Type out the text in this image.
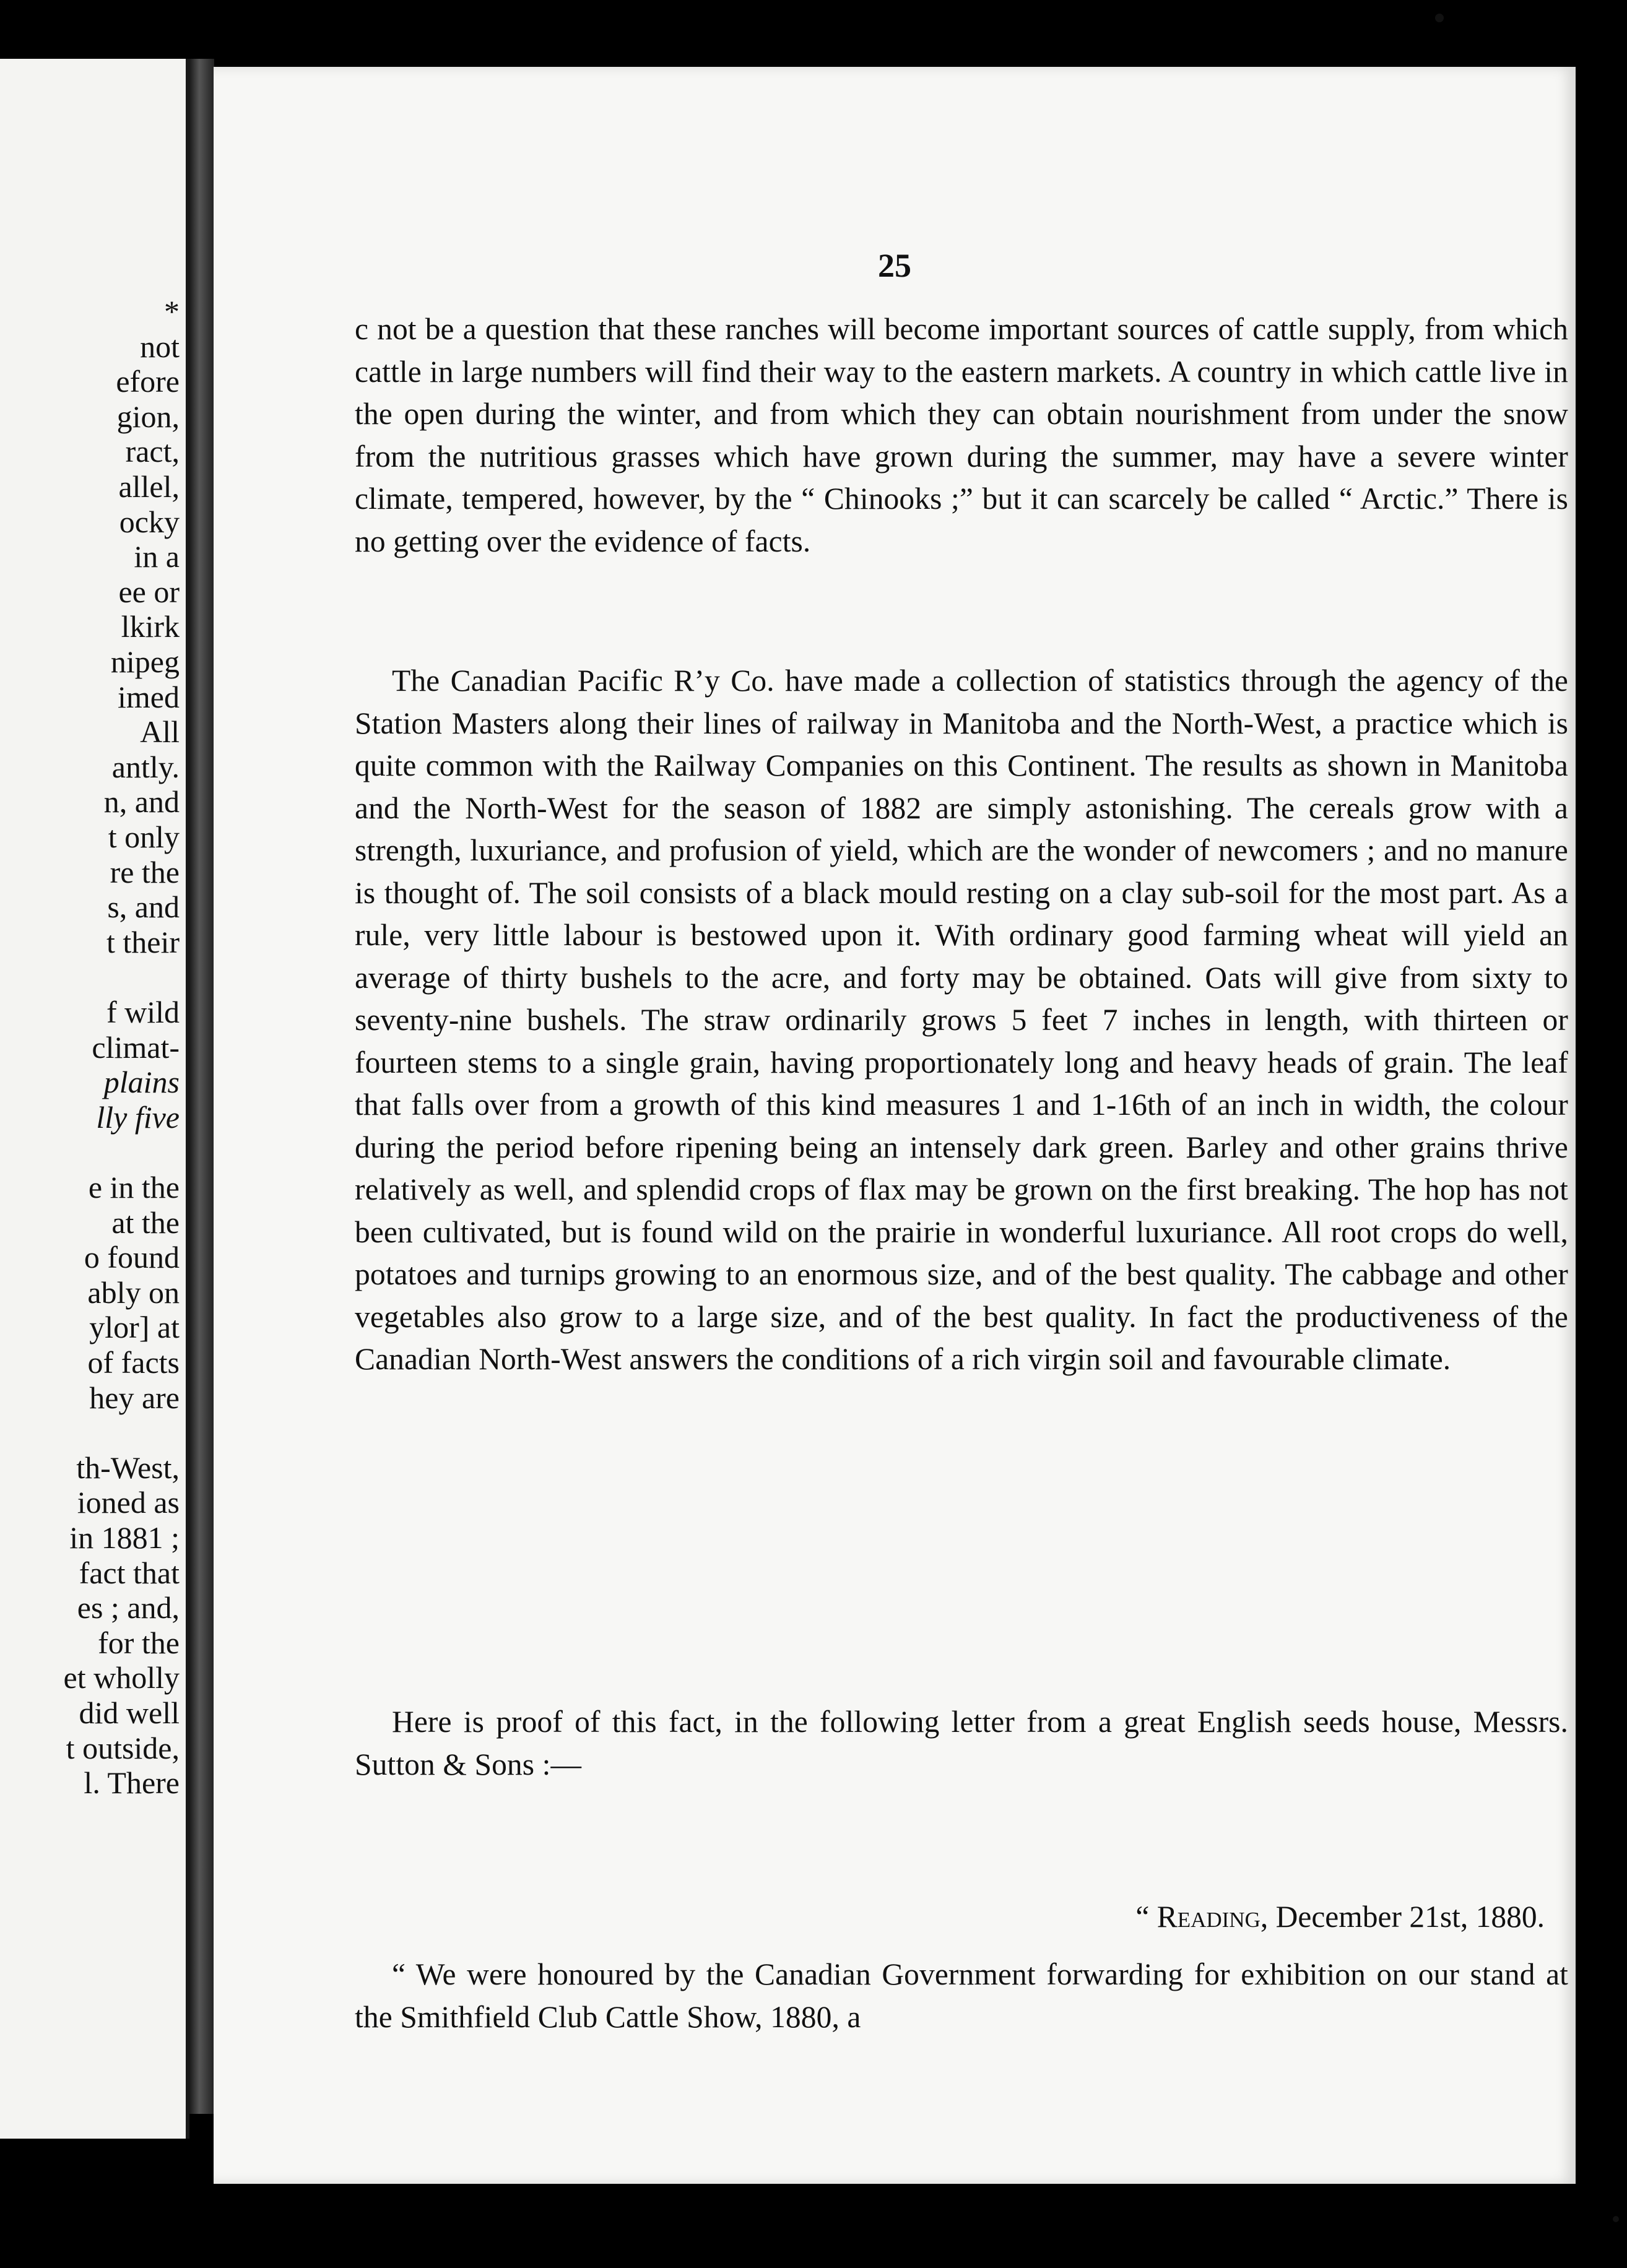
*
not
efore
gion,
ract,
allel,
ocky
in a
ee or
lkirk
nipeg
imed
All
antly.
n, and
t only
re the
s, and
t their
f wild
climat-
plains
lly five
e in the
at the
o found
ably on
ylor] at
of facts
hey are
th-West,
ioned as
in 1881 ;
fact that
es ; and,
for the
et wholly
did well
t outside,
l. There
25

c not be a question that these ranches will become important sources of cattle supply, from which cattle in large numbers will find their way to the eastern markets. A country in which cattle live in the open during the winter, and from which they can obtain nourishment from under the snow from the nutritious grasses which have grown during the summer, may have a severe winter climate, tempered, however, by the “ Chinooks ;” but it can scarcely be called “ Arctic.” There is no getting over the evidence of facts.

The Canadian Pacific R’y Co. have made a collection of statistics through the agency of the Station Masters along their lines of railway in Manitoba and the North-West, a practice which is quite common with the Railway Companies on this Continent. The results as shown in Manitoba and the North-West for the season of 1882 are simply astonishing. The cereals grow with a strength, luxuriance, and profusion of yield, which are the wonder of newcomers ; and no manure is thought of. The soil consists of a black mould resting on a clay sub-soil for the most part. As a rule, very little labour is bestowed upon it. With ordinary good farming wheat will yield an average of thirty bushels to the acre, and forty may be obtained. Oats will give from sixty to seventy-nine bushels. The straw ordinarily grows 5 feet 7 inches in length, with thirteen or fourteen stems to a single grain, having proportionately long and heavy heads of grain. The leaf that falls over from a growth of this kind measures 1 and 1-16th of an inch in width, the colour during the period before ripening being an intensely dark green. Barley and other grains thrive relatively as well, and splendid crops of flax may be grown on the first breaking. The hop has not been cultivated, but is found wild on the prairie in wonderful luxuriance. All root crops do well, potatoes and turnips growing to an enormous size, and of the best quality. The cabbage and other vegetables also grow to a large size, and of the best quality. In fact the productiveness of the Canadian North-West answers the conditions of a rich virgin soil and favourable climate.

Here is proof of this fact, in the following letter from a great English seeds house, Messrs. Sutton & Sons :—

“ Reading, December 21st, 1880.

“ We were honoured by the Canadian Government forwarding for exhibition on our stand at the Smithfield Club Cattle Show, 1880, a
